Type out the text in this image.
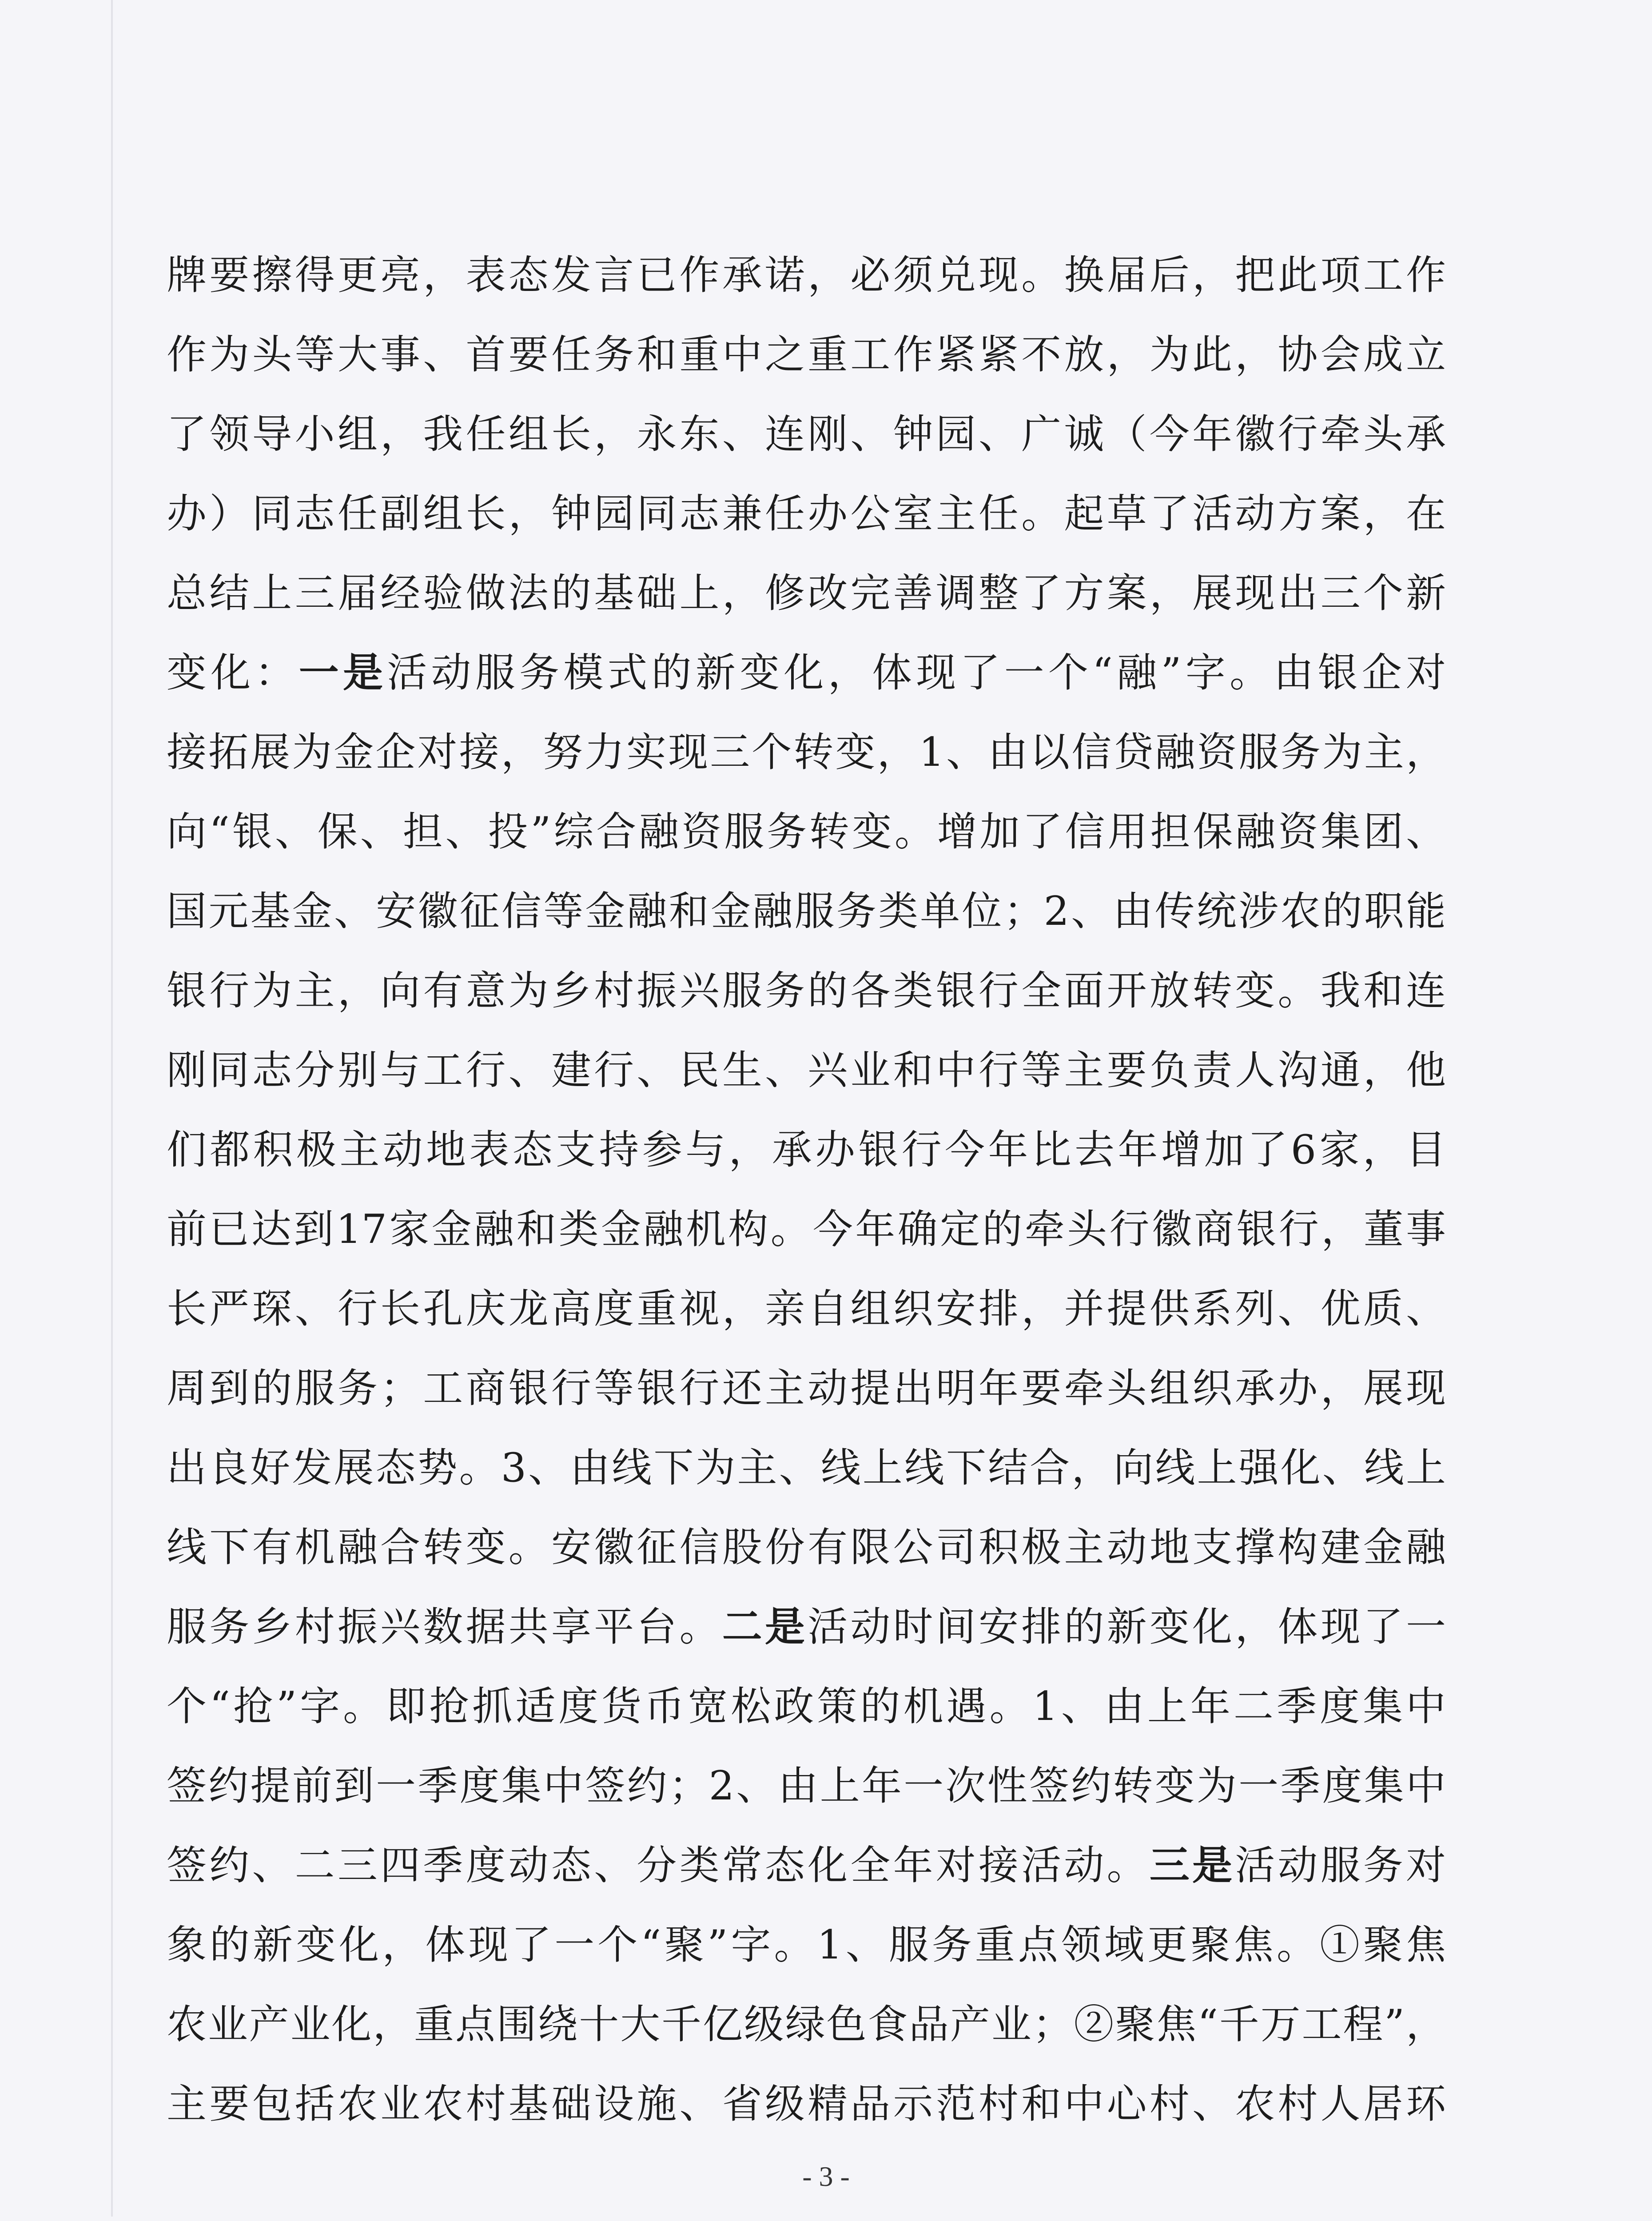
牌要擦得更亮，表态发言已作承诺，必须兑现。换届后，把此项工作
作为头等大事、首要任务和重中之重工作紧紧不放，为此，协会成立
了领导小组，我任组长，永东、连刚、钟园、广诚（今年徽行牵头承
办）同志任副组长，钟园同志兼任办公室主任。起草了活动方案，在
总结上三届经验做法的基础上，修改完善调整了方案，展现出三个新
变化：一是活动服务模式的新变化，体现了一个“融”字。由银企对
接拓展为金企对接，努力实现三个转变，1、由以信贷融资服务为主，
向“银、保、担、投”综合融资服务转变。增加了信用担保融资集团、
国元基金、安徽征信等金融和金融服务类单位；2、由传统涉农的职能
银行为主，向有意为乡村振兴服务的各类银行全面开放转变。我和连
刚同志分别与工行、建行、民生、兴业和中行等主要负责人沟通，他
们都积极主动地表态支持参与，承办银行今年比去年增加了6家，目
前已达到17家金融和类金融机构。今年确定的牵头行徽商银行，董事
长严琛、行长孔庆龙高度重视，亲自组织安排，并提供系列、优质、
周到的服务；工商银行等银行还主动提出明年要牵头组织承办，展现
出良好发展态势。3、由线下为主、线上线下结合，向线上强化、线上
线下有机融合转变。安徽征信股份有限公司积极主动地支撑构建金融
服务乡村振兴数据共享平台。二是活动时间安排的新变化，体现了一
个“抢”字。即抢抓适度货币宽松政策的机遇。1、由上年二季度集中
签约提前到一季度集中签约；2、由上年一次性签约转变为一季度集中
签约、二三四季度动态、分类常态化全年对接活动。三是活动服务对
象的新变化，体现了一个“聚”字。1、服务重点领域更聚焦。①聚焦
农业产业化，重点围绕十大千亿级绿色食品产业；②聚焦“千万工程”，
主要包括农业农村基础设施、省级精品示范村和中心村、农村人居环
- 3 -
